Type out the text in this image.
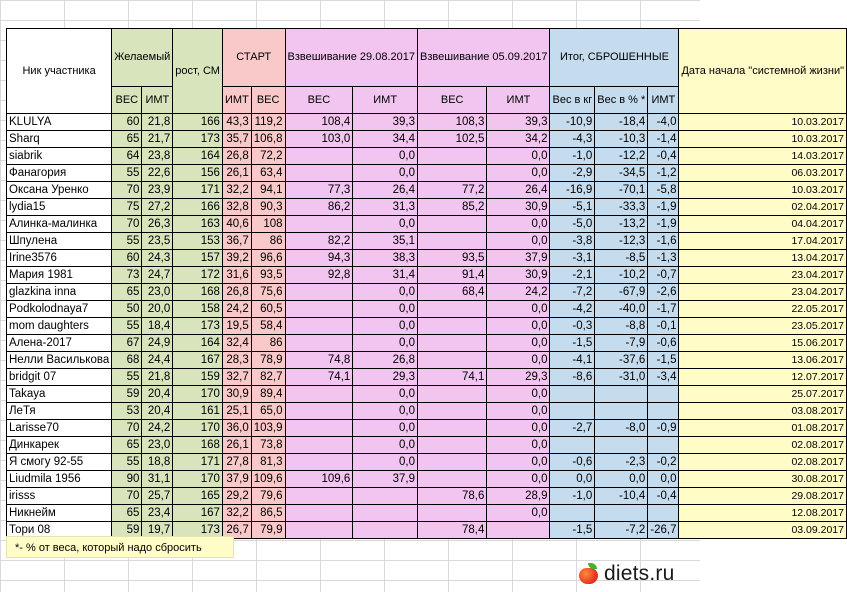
Ник участника	Желаемый		рост, СМ	СТАРТ		Взвешивание 29.08.2017		Взвешивание 05.09.2017		Итог, СБРОШЕННЫЕ			Дата начала "системной жизни"
	ВЕС	ИМТ		ИМТ	ВЕС	ВЕС	ИМТ	ВЕС	ИМТ	Вес в кг	Вес в % *	ИМТ	
KLULYA	60	21,8	166	43,3	119,2	108,4	39,3	108,3	39,3	-10,9	-18,4	-4,0	10.03.2017
Sharq	65	21,7	173	35,7	106,8	103,0	34,4	102,5	34,2	-4,3	-10,3	-1,4	10.03.2017
siabrik	64	23,8	164	26,8	72,2		0,0		0,0	-1,0	-12,2	-0,4	14.03.2017
Фанагория	55	22,6	156	26,1	63,4		0,0		0,0	-2,9	-34,5	-1,2	06.03.2017
Оксана Уренко	70	23,9	171	32,2	94,1	77,3	26,4	77,2	26,4	-16,9	-70,1	-5,8	10.03.2017
lydia15	75	27,2	166	32,8	90,3	86,2	31,3	85,2	30,9	-5,1	-33,3	-1,9	02.04.2017
Алинка-малинка	70	26,3	163	40,6	108		0,0		0,0	-5,0	-13,2	-1,9	04.04.2017
Шпулена	55	23,5	153	36,7	86	82,2	35,1		0,0	-3,8	-12,3	-1,6	17.04.2017
Irine3576	60	24,3	157	39,2	96,6	94,3	38,3	93,5	37,9	-3,1	-8,5	-1,3	13.04.2017
Мария 1981	73	24,7	172	31,6	93,5	92,8	31,4	91,4	30,9	-2,1	-10,2	-0,7	23.04.2017
glazkina inna	65	23,0	168	26,8	75,6		0,0	68,4	24,2	-7,2	-67,9	-2,6	23.04.2017
Podkolodnaya7	50	20,0	158	24,2	60,5		0,0		0,0	-4,2	-40,0	-1,7	22.05.2017
mom daughters	55	18,4	173	19,5	58,4		0,0		0,0	-0,3	-8,8	-0,1	23.05.2017
Алена-2017	67	24,9	164	32,4	86		0,0		0,0	-1,5	-7,9	-0,6	15.06.2017
Нелли Василькова	68	24,4	167	28,3	78,9	74,8	26,8		0,0	-4,1	-37,6	-1,5	13.06.2017
bridgit 07	55	21,8	159	32,7	82,7	74,1	29,3	74,1	29,3	-8,6	-31,0	-3,4	12.07.2017
Takaya	59	20,4	170	30,9	89,4		0,0		0,0				25.07.2017
ЛеТя	53	20,4	161	25,1	65,0		0,0		0,0				03.08.2017
Larisse70	70	24,2	170	36,0	103,9		0,0		0,0	-2,7	-8,0	-0,9	01.08.2017
Динкарек	65	23,0	168	26,1	73,8		0,0		0,0				02.08.2017
Я смогу 92-55	55	18,8	171	27,8	81,3		0,0		0,0	-0,6	-2,3	-0,2	02.08.2017
Liudmila 1956	90	31,1	170	37,9	109,6	109,6	37,9		0,0	0,0	0,0	0,0	30.08.2017
irisss	70	25,7	165	29,2	79,6			78,6	28,9	-1,0	-10,4	-0,4	29.08.2017
Никнейм	65	23,4	167	32,2	86,5				0,0				12.08.2017
Тори 08	59	19,7	173	26,7	79,9			78,4		-1,5	-7,2	-26,7	03.09.2017
*- % от веса, который надо сбросить
diets.ru
